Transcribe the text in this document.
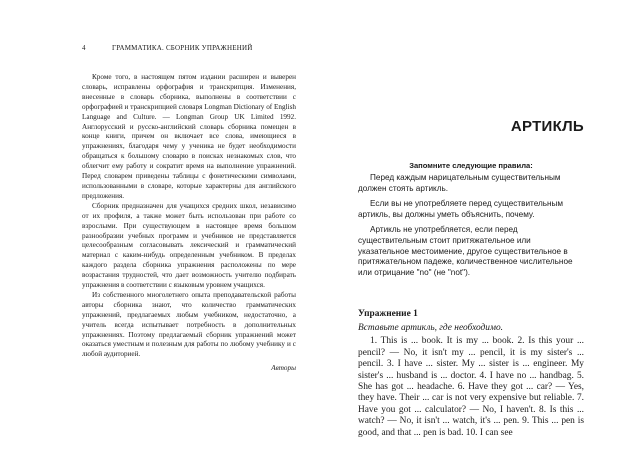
4	ГРАММАТИКА. СБОРНИК УПРАЖНЕНИЙ

Кроме того, в настоящем пятом издании расширен и выверен словарь, исправлены орфография и транскрипция. Изменения, внесенные в словарь сборника, выполнены в соответствии с орфографией и транскрипцией словаря Longman Dictionary of English Language and Culture. — Longman Group UK Limited 1992. Англорусский и русско-английский словарь сборника помещен в конце книги, причем он включает все слова, имеющиеся в упражнениях, благодаря чему у ученика не будет необходимости обращаться к большому словарю в поисках незнакомых слов, что облегчит ему работу и сократит время на выполнение упражнений. Перед словарем приведены таблицы с фонетическими символами, использованными в словаре, которые характерны для английского предложения.

Сборник предназначен для учащихся средних школ, независимо от их профиля, а также может быть использован при работе со взрослыми. При существующем в настоящее время большом разнообразии учебных программ и учебников не представляется целесообразным согласовывать лексический и грамматический материал с каким-нибудь определенным учебником. В пределах каждого раздела сборника упражнения расположены по мере возрастания трудностей, что дает возможность учителю подбирать упражнения в соответствии с языковым уровнем учащихся.

Из собственного многолетнего опыта преподавательской работы авторы сборника знают, что количество грамматических упражнений, предлагаемых любым учебником, недостаточно, а учитель всегда испытывает потребность в дополнительных упражнениях. Поэтому предлагаемый сборник упражнений может оказаться уместным и полезным для работы по любому учебнику и с любой аудиторией.

Авторы
АРТИКЛЬ
Запомните следующие правила:

Перед каждым нарицательным существительным должен стоять артикль.

Если вы не употребляете перед существительным артикль, вы должны уметь объяснить, почему.

Артикль не употребляется, если перед существительным стоит притяжательное или указательное местоимение, другое существительное в притяжательном падеже, количественное числительное или отрицание "no" (не "not").

Упражнение 1
Вставьте артикль, где необходимо.

1. This is ... book. It is my ... book. 2. Is this your ... pencil? — No, it isn't my ... pencil, it is my sister's ... pencil. 3. I have ... sister. My ... sister is ... engineer. My sister's ... husband is ... doctor. 4. I have no ... handbag. 5. She has got ... headache. 6. Have they got ... car? — Yes, they have. Their ... car is not very expensive but reliable. 7. Have you got ... calculator? — No, I haven't. 8. Is this ... watch? — No, it isn't ... watch, it's ... pen. 9. This ... pen is good, and that ... pen is bad. 10. I can see
